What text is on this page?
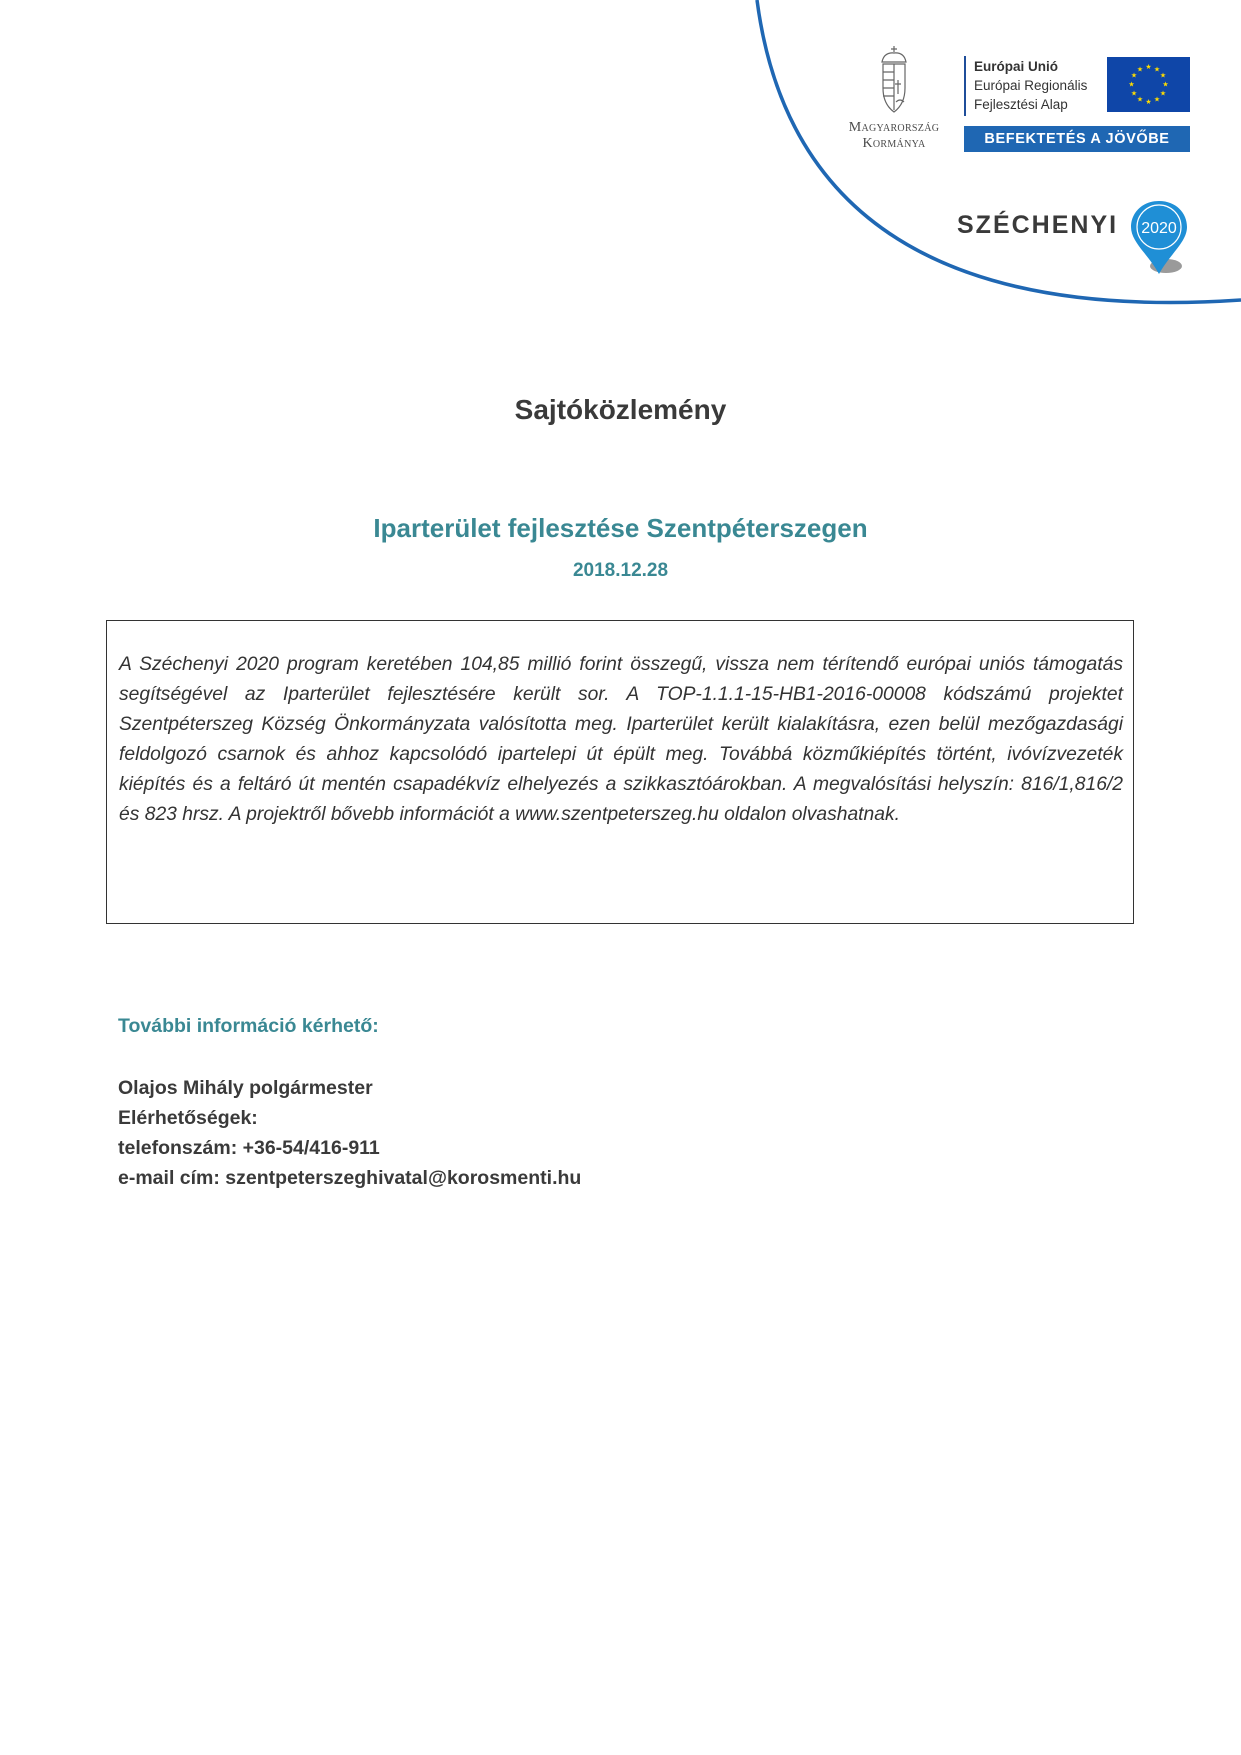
Magyarország
Kormánya
Európai Unió
Európai Regionális
Fejlesztési Alap
★ ★
★
★
★
★
★
★
★
★
★
★
BEFEKTETÉS A JÖVŐBE
SZÉCHENYI 2020
Sajtóközlemény
Iparterület fejlesztése Szentpéterszegen
2018.12.28

A Széchenyi 2020 program keretében 104,85 millió forint összegű, vissza nem térítendő európai uniós támogatás segítségével az Iparterület fejlesztésére került sor. A TOP-1.1.1-15-HB1-2016-00008 kódszámú projektet Szentpéterszeg Község Önkormányzata valósította meg. Iparterület került kialakításra, ezen belül mezőgazdasági feldolgozó csarnok és ahhoz kapcsolódó ipartelepi út épült meg. Továbbá közműkiépítés történt, ivóvízvezeték kiépítés és a feltáró út mentén csapadékvíz elhelyezés a szikkasztóárokban. A megvalósítási helyszín: 816/1,816/2 és 823 hrsz. A projektről bővebb információt a www.szentpeterszeg.hu oldalon olvashatnak.

További információ kérhető:
Olajos Mihály polgármester
Elérhetőségek:
telefonszám: +36-54/416-911
e-mail cím: szentpeterszeghivatal@korosmenti.hu
